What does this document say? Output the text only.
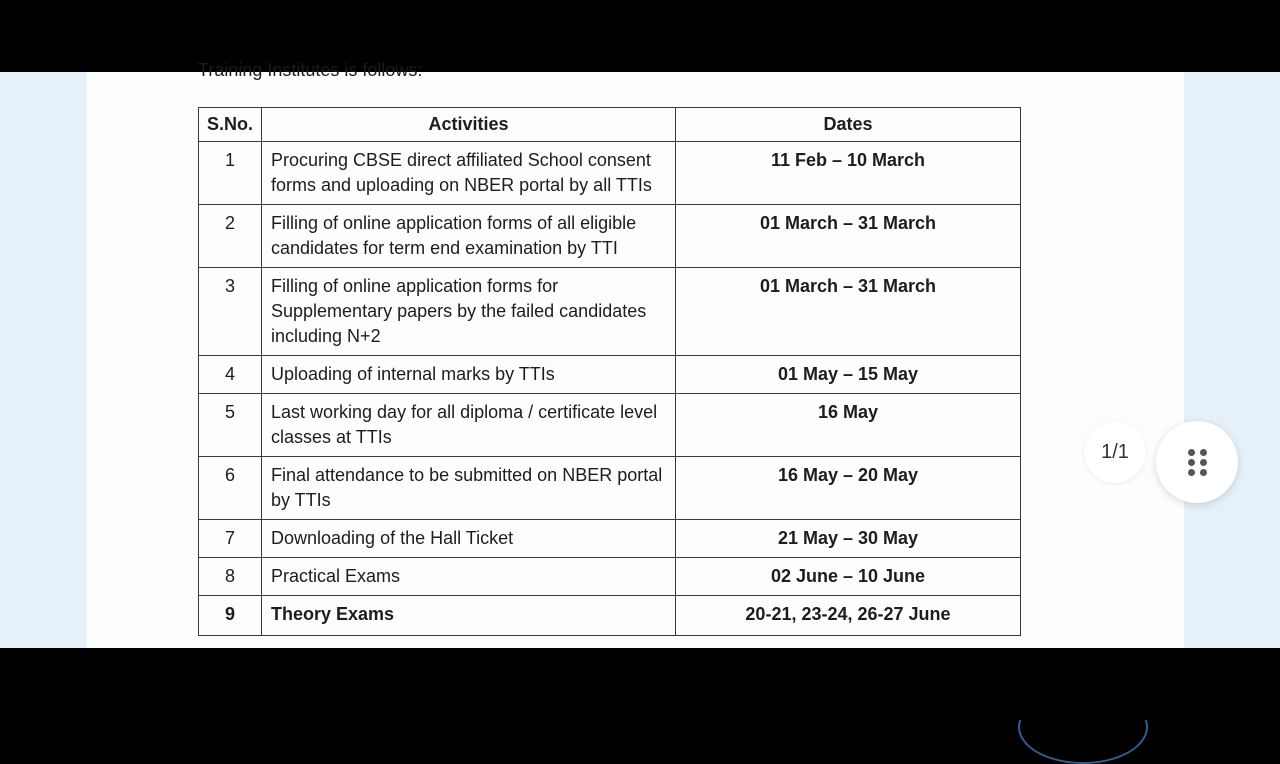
Training Institutes is follows:
S.No.	Activities	Dates
1	Procuring CBSE direct affiliated School consent forms and uploading on NBER portal by all TTIs	11 Feb – 10 March
2	Filling of online application forms of all eligible candidates for term end examination by TTI	01 March – 31 March
3	Filling of online application forms for Supplementary papers by the failed candidates including N+2	01 March – 31 March
4	Uploading of internal marks by TTIs	01 May – 15 May
5	Last working day for all diploma / certificate level classes at TTIs	16 May
6	Final attendance to be submitted on NBER portal by TTIs	16 May – 20 May
7	Downloading of the Hall Ticket	21 May – 30 May
8	Practical Exams	02 June – 10 June
9	Theory Exams	20-21, 23-24, 26-27 June
1/1
